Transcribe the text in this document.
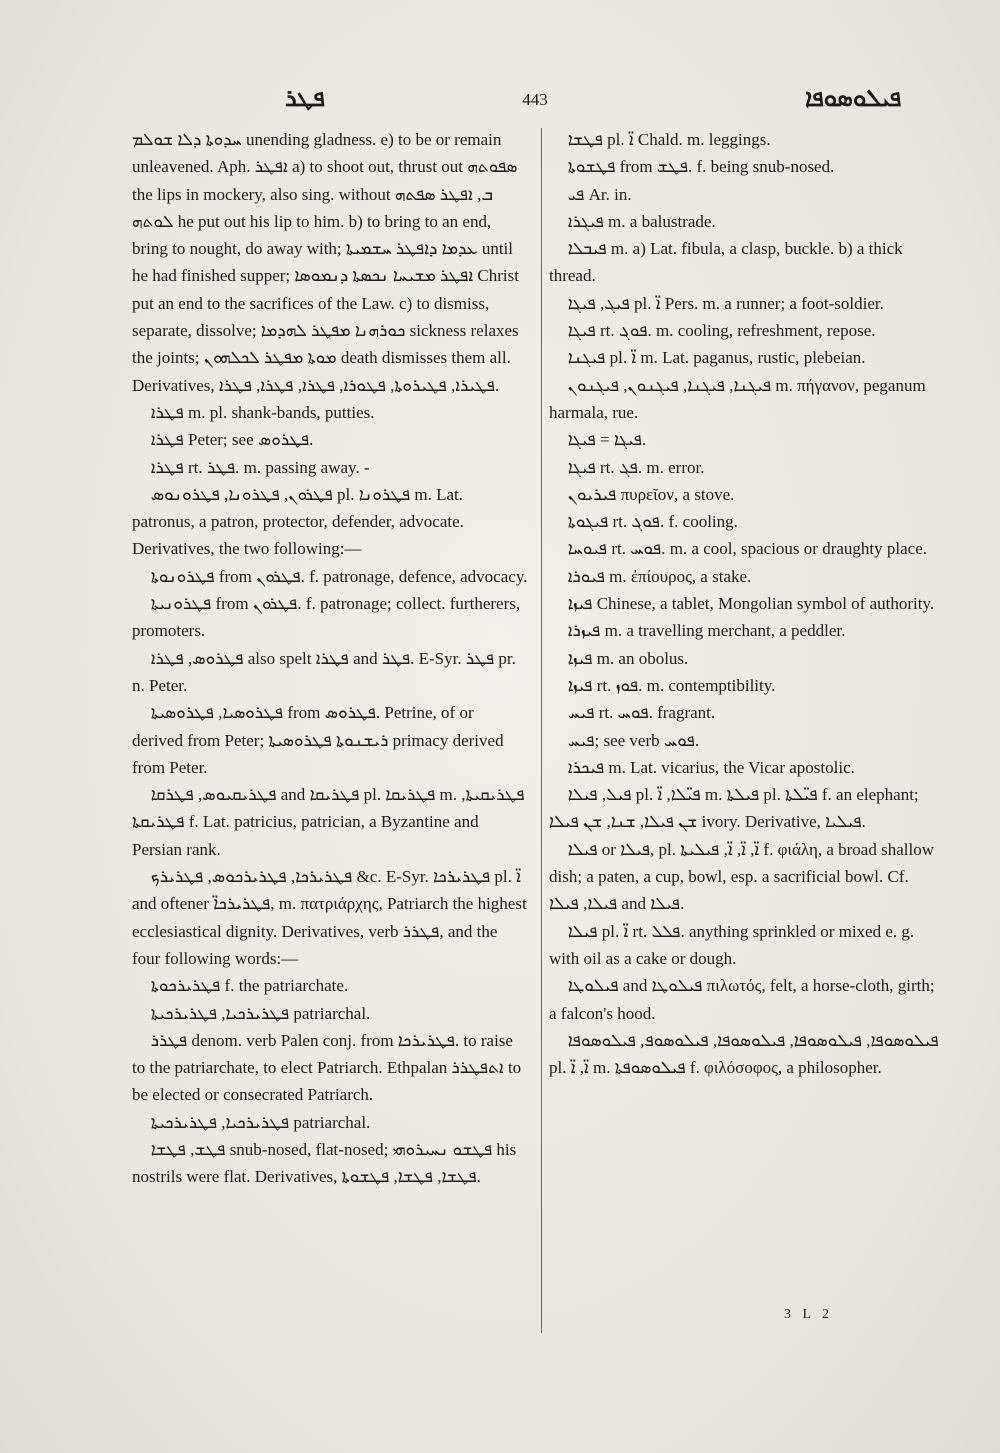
ܦܛܪ	443	ܦܝܠܘܣܘܦܐ

ܚܕܘܬܐ ܕܠܐ ܫܘܠܡ unending gladness. e) to be or remain unleavened. Aph. ܐܦܛܪ a) to shoot out, thrust out ܣܦܘܬܗ the lips in mockery, also sing. without ܒ, ܐܦܛܪ ܣܦܬܗ ܠܘܬܗ he put out his lip to him. b) to bring to an end, bring to nought, do away with; ܥܕܡܐ ܕܐܦܛܪ ܚܫܡܝܬܐ until he had finished supper; ܐܦܛܪ ܡܫܝܚܐ ܢܟܣܬܐ ܕܢܡܘܣܐ Christ put an end to the sacrifices of the Law. c) to dismiss, separate, dissolve; ܟܘܪܗܢܐ ܡܦܛܪ ܠܗܕܡܐ sickness relaxes the joints; ܡܘܬܐ ܡܦܛܪ ܠܟܠܗܘܢ death dismisses them all. Derivatives, ܦܛܝܪܐ, ܦܛܝܪܘܬܐ, ܦܛܘܪܐ, ܦܛܪܐ, ܦܛܪܐ, ܦܛܪܐ.

ܦܛܪܐ m. pl. shank-bands, putties.

ܦܛܪܐ Peter; see ܦܛܪܘܣ.

ܦܛܪܐ rt. ܦܛܪ. m. passing away. -

ܦܛܪܘܢ, ܦܛܪܘܢܐ, ܦܛܪܘܢܘܣ pl. ܦܛܪܘܢܐ m. Lat. patronus, a patron, protector, defender, advocate. Derivatives, the two following:—

ܦܛܪܘܢܘܬܐ from ܦܛܪܘܢ. f. patronage, defence, advocacy.

ܦܛܪܘܢܝܬܐ from ܦܛܪܘܢ. f. patronage; collect. furtherers, promoters.

ܦܛܪܘܣ, ܦܛܪܐ also spelt ܦܛܪܐ and ܦܛܪ. E-Syr. ܦܛܪ pr. n. Peter.

ܦܛܪܘܣܝܐ, ܦܛܪܘܣܝܬܐ from ܦܛܪܘܣ. Petrine, of or derived from Peter; ܪܝܫܢܘܬܐ ܦܛܪܘܣܝܬܐ primacy derived from Peter.

ܦܛܪܝܩܝܘܣ, ܦܛܪܩܐ and ܦܛܪܝܩܐ pl. ܦܛܪܝܩܐ m. ܦܛܪܝܩܝܬܐ, ܦܛܪܝܩܬܐ f. Lat. patricius, patrician, a Byzantine and Persian rank.

ܦܛܪܝܪܟܐ, ܦܛܪܝܪܟܘܣ, ܦܛܪܝܪܟ &c. E-Syr. ܦܛܪܝܪܟܐ pl. ܐ̈ and oftener ܦܛܪܝܪܟܐ̈, m. πατριάρχης, Patriarch the highest ecclesiastical dignity. Derivatives, verb ܦܛܪܪ, and the four following words:—

ܦܛܪܝܪܟܘܬܐ f. the patriarchate.

ܦܛܪܝܪܟܝܐ, ܦܛܪܝܪܟܝܬܐ patriarchal.

ܦܛܪܪ denom. verb Palen conj. from ܦܛܪܝܪܟܐ. to raise to the patriarchate, to elect Patriarch. Ethpalan ܐܬܦܛܪܪ to be elected or consecrated Patriarch.

ܦܛܪܝܪܟܝܐ, ܦܛܪܝܪܟܝܬܐ patriarchal.

ܦܛܫ, ܦܛܫܐ snub-nosed, flat-nosed; ܦܛܫܘ ܢܚܝܪܘܗܝ his nostrils were flat. Derivatives, ܦܛܫܐ, ܦܛܫܐ, ܦܛܫܘܬܐ.

ܦܛܫܐ pl. ܐ̈ Chald. m. leggings.

ܦܛܫܘܬܐ from ܦܛܫ. f. being snub-nosed.

ܦܝ Ar. in.

ܦܝܓܪܐ m. a balustrade.

ܦܝܒܠܐ m. a) Lat. fibula, a clasp, buckle. b) a thick thread.

ܦܝܓ, ܦܝܓܐ pl. ܐ̈ Pers. m. a runner; a foot-soldier.

ܦܝܓܐ rt. ܦܘܓ. m. cooling, refreshment, repose.

ܦܝܓܢܐ pl. ܐ̈ m. Lat. paganus, rustic, plebeian.

ܦܝܓܢܐ, ܦܝܓܢܐ, ܦܝܓܢܘܢ, ܦܝܓܢܘܢ m. πήγανον, peganum harmala, rue.

ܦܝܓܐ = ܦܝܓܐ.

ܦܝܓܐ rt. ܦܓ. m. error.

ܦܝܪܝܘܢ πυρεῖον, a stove.

ܦܝܓܘܬܐ rt. ܦܘܓ. f. cooling.

ܦܝܘܚܐ rt. ܦܘܚ. m. a cool, spacious or draughty place.

ܦܝܘܪܐ m. ἐπίουρος, a stake.

ܦܝܙܐ Chinese, a tablet, Mongolian symbol of authority.

ܦܝܙܪܐ m. a travelling merchant, a peddler.

ܦܝܙܐ m. an obolus.

ܦܝܙܐ rt. ܦܘܙ. m. contemptibility.

ܦܝܚ rt. ܦܘܚ. fragrant.

ܦܝܚ; see verb ܦܘܚ.

ܦܝܟܪܐ m. Lat. vicarius, the Vicar apostolic.

ܦܝܠ, ܦܝܠܐ pl. ܦܝ̈ܠܐ, ܐ̈ m. ܦܝܠܬܐ pl. ܦܝ̈ܠܬܐ f. an elephant; ܫܢ ܦܝܠܐ, ܫܢܐ, ܫܢ ܦܝܠܐ ivory. Derivative, ܦܝܠܝܐ.

ܦܝܠܐ or ܦܝܠܐ, pl. ܐ̈, ܐ̈, ܐ̈, ܦܝܠܝܬܐ f. φιάλη, a broad shallow dish; a paten, a cup, bowl, esp. a sacrificial bowl. Cf. ܦܝܠܐ, ܦܝܠܐ and ܦܝܠܐ.

ܦܝܠܐ pl. ܐ̈ rt. ܦܠܠ. anything sprinkled or mixed e. g. with oil as a cake or dough.

ܦܝܠܘܛܐ and ܦܝܠܘܛܐ πιλωτός, felt, a horse-cloth, girth; a falcon's hood.

ܦܝܠܘܣܘܦܐ, ܦܝܠܘܣܘܦܐ, ܦܝܠܘܣܘܦܐ, ܦܝܠܘܣܘܦ, ܦܝܠܘܣܘܦܐ pl. ܐ̈, ܐ̈ m. ܦܝܠܘܣܘܦܬܐ f. φιλόσοφος, a philosopher.

3 L 2
